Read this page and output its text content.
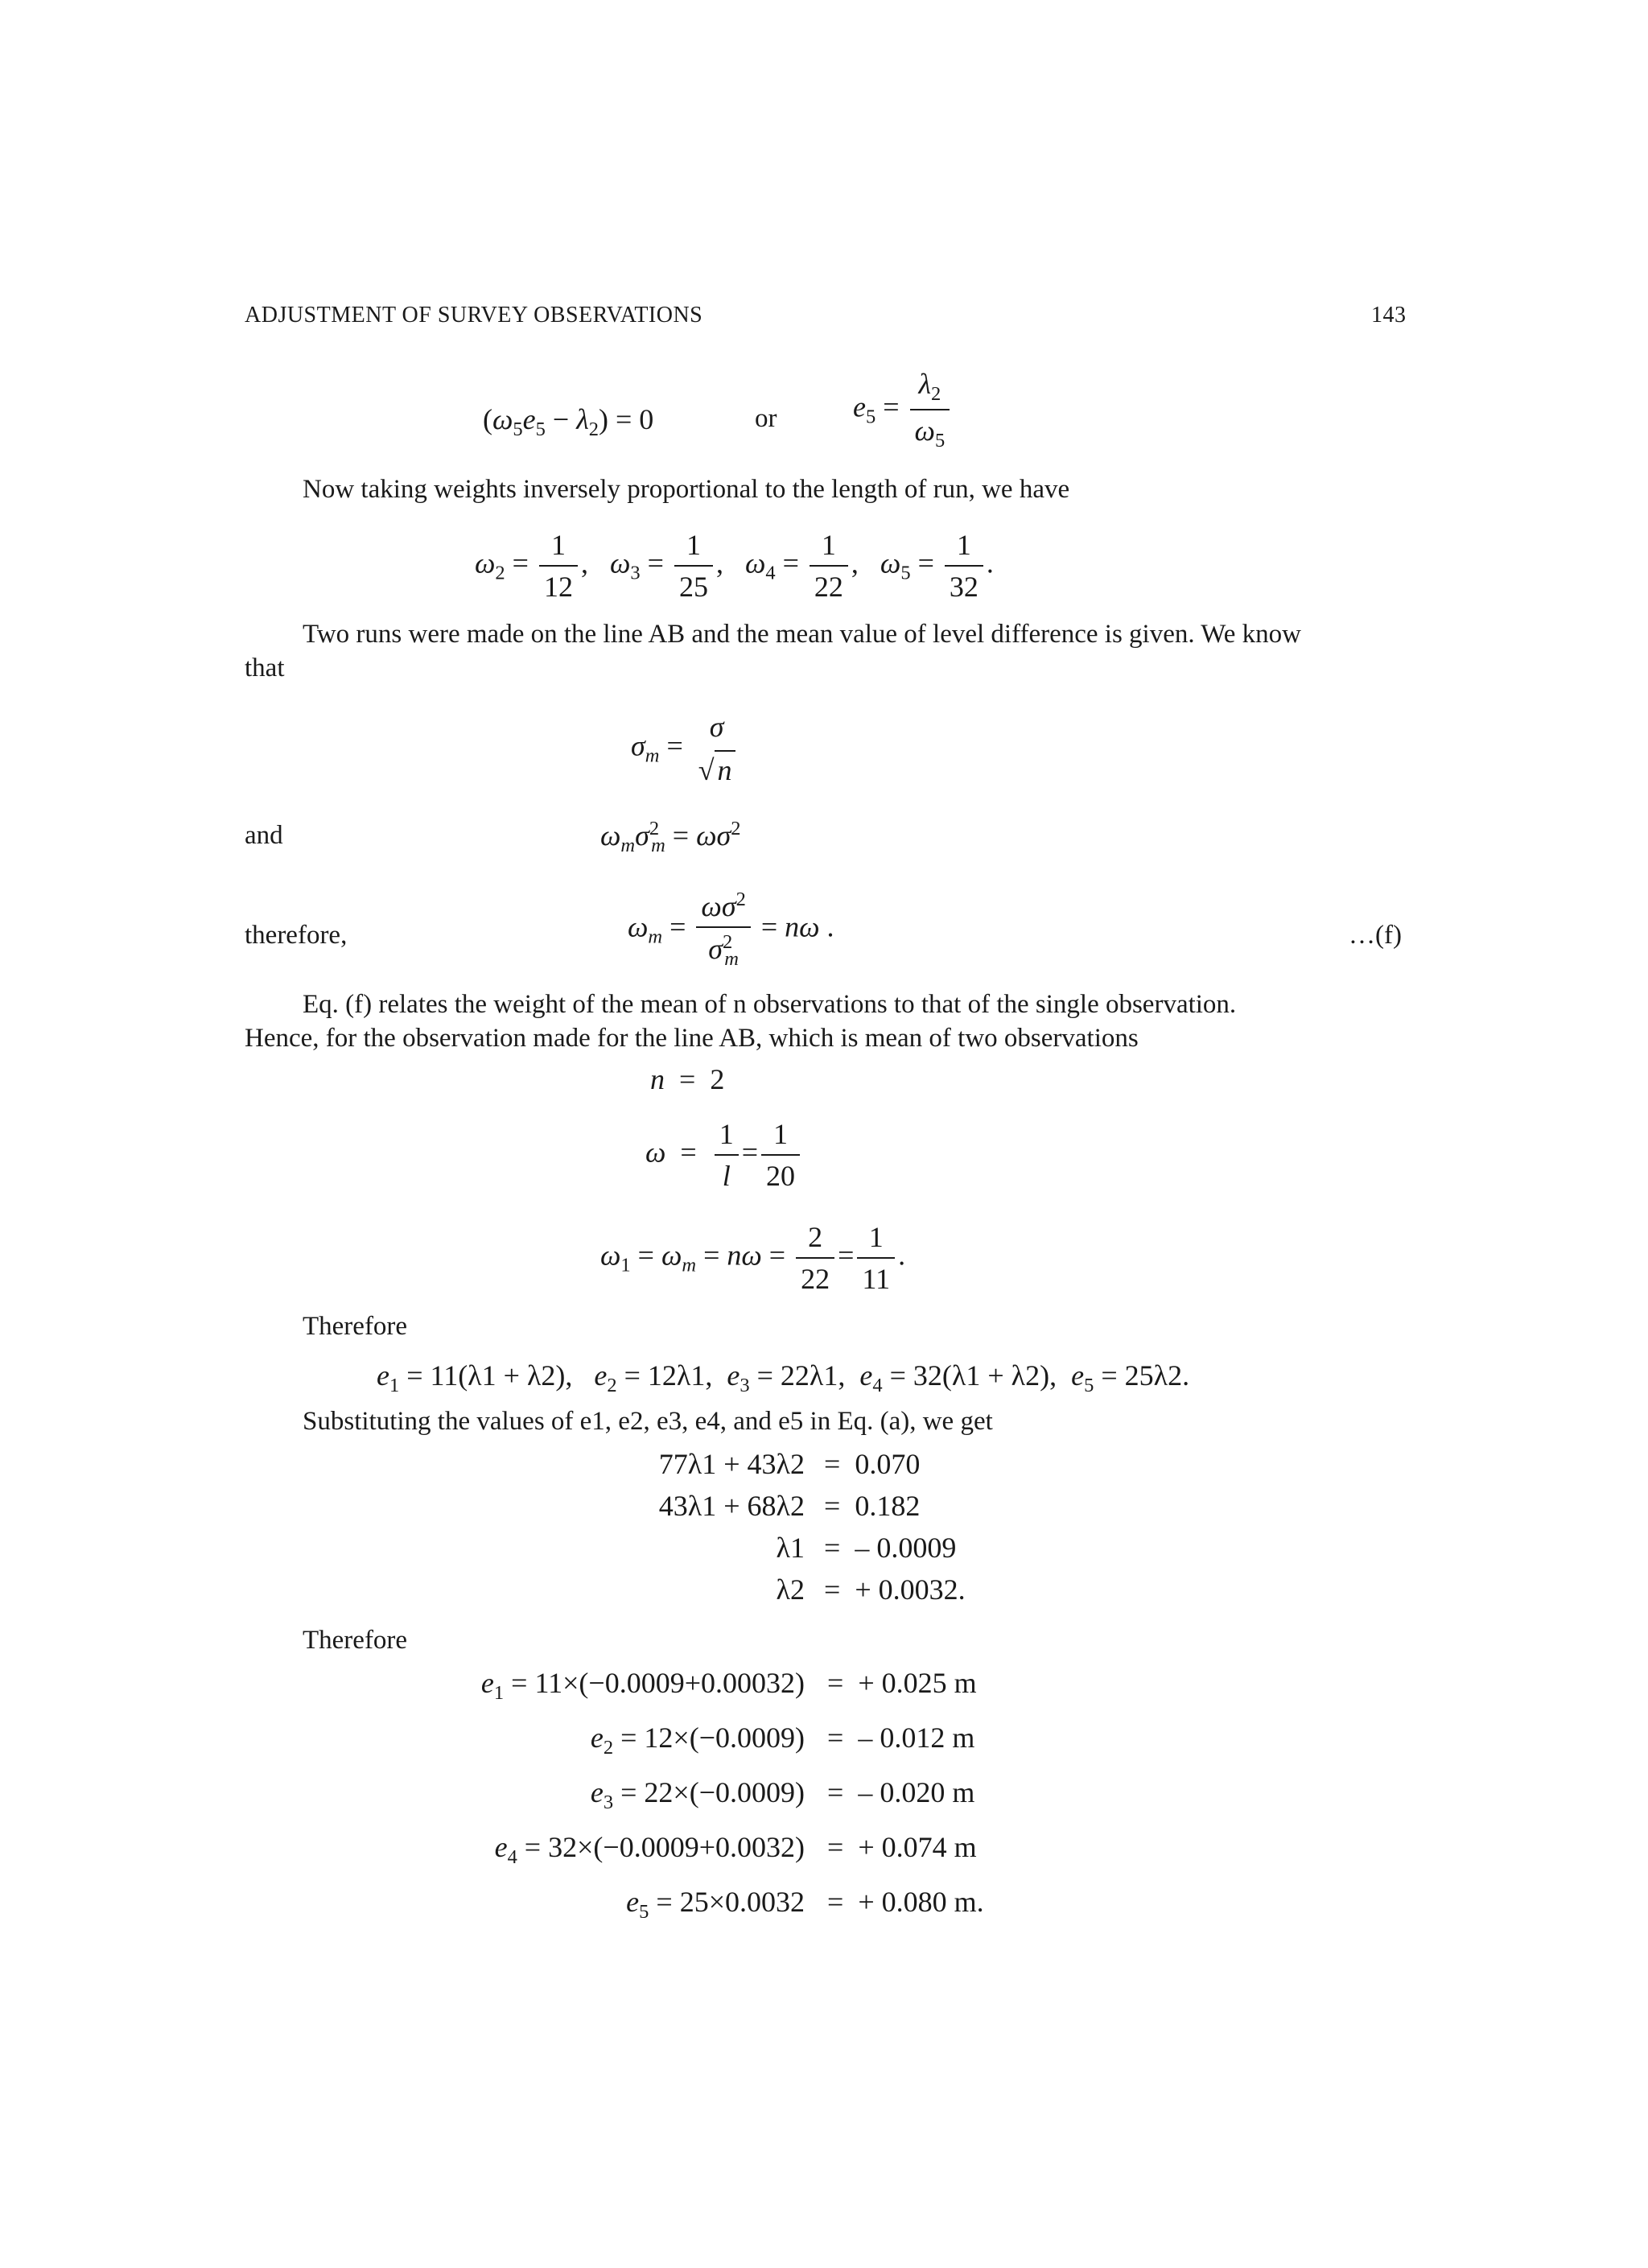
ADJUSTMENT OF SURVEY OBSERVATIONS	143
$(\omega_5e_5 - \lambda_2) = 0$	or	$e_5 = \frac{\lambda_2}{\omega_5}$
Now taking weights inversely proportional to the length of run, we have
$\omega_2 = \frac{1}{12}$ ,   $\omega_3 = \frac{1}{25}$ ,   $\omega_4 = \frac{1}{22}$ ,   $\omega_5 = \frac{1}{32}$ .
Two runs were made on the line AB and the mean value of level difference is given. We know
that
$\sigma_m$ =
σ
√ n
and	$\omega_m\sigma^2_m = \omega\sigma^2$
therefore,	$\omega_m = \frac{\omega\sigma^2}{\sigma^2_m} = n\omega$ .	…(f)
Eq. (f) relates the weight of the mean of n observations to that of the single observation.
Hence, for the observation made for the line AB, which is mean of two observations
n  =  2
$\omega = \frac{1}{l} = \frac{1}{20}$
$\omega_1 = \omega_m = n\omega = \frac{2}{22} = \frac{1}{11}$ .
Therefore
$e_1 = 11(\lambda 1 + \lambda 2)$,   $e_2 = 12\lambda 1$,  $e_3 = 22\lambda 1$,  $e_4 = 32(\lambda 1 + \lambda 2)$,  $e_5 = 25\lambda 2$.
Substituting the values of e1, e2, e3, e4, and e5 in Eq. (a), we get
77λ1 + 43λ2 =  0.070
43λ1 + 68λ2 =  0.182
λ1 =  – 0.0009
λ2 =  + 0.0032.
Therefore
$e_1 = 11\times(-0.0009+0.00032)$ =  + 0.025 m
$e_2 = 12\times(-0.0009)$ =  – 0.012 m
$e_3 = 22\times(-0.0009)$ =  – 0.020 m
$e_4 = 32\times(-0.0009+0.0032)$ =  + 0.074 m
$e_5 = 25\times 0.0032$ =  + 0.080 m.
